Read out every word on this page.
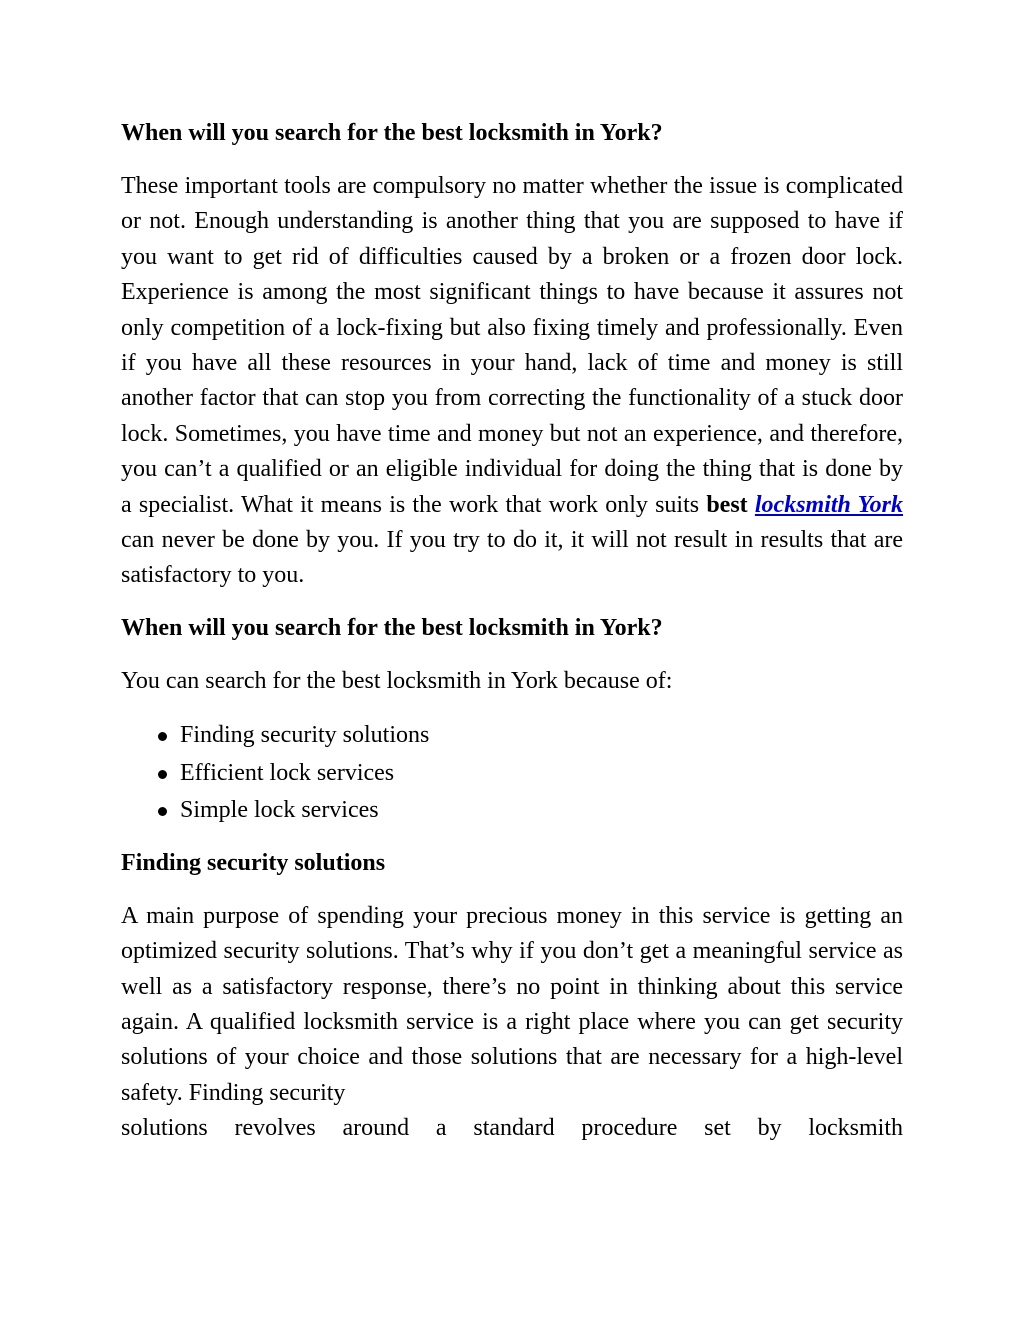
When will you search for the best locksmith in York?

These important tools are compulsory no matter whether the issue is complicated or not. Enough understanding is another thing that you are supposed to have if you want to get rid of difficulties caused by a broken or a frozen door lock. Experience is among the most significant things to have because it assures not only competition of a lock-fixing but also fixing timely and professionally. Even if you have all these resources in your hand, lack of time and money is still another factor that can stop you from correcting the functionality of a stuck door lock. Sometimes, you have time and money but not an experience, and therefore, you can’t a qualified or an eligible individual for doing the thing that is done by a specialist. What it means is the work that work only suits best locksmith York can never be done by you. If you try to do it, it will not result in results that are satisfactory to you.

When will you search for the best locksmith in York?

You can search for the best locksmith in York because of:

Finding security solutions
Efficient lock services
Simple lock services
Finding security solutions

A main purpose of spending your precious money in this service is getting an optimized security solutions. That’s why if you don’t get a meaningful service as well as a satisfactory response, there’s no point in thinking about this service again. A qualified locksmith service is a right place where you can get security solutions of your choice and those solutions that are necessary for a high-level safety. Finding security

solutions revolves around a standard procedure set by locksmith
